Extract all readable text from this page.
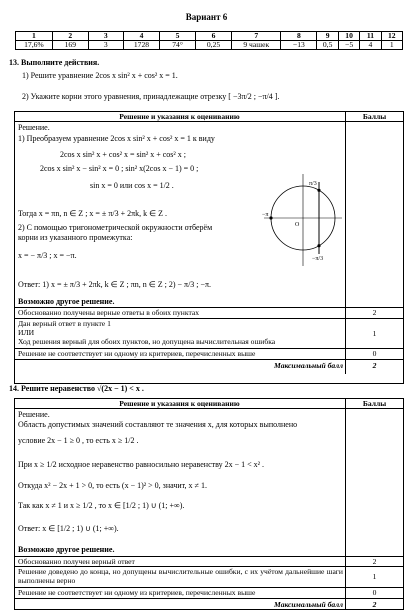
Вариант 6
1	2	3	4	5	6	7	8	9	10	11	12
17,6%	169	3	1728	74°	0,25	9 чашек	−13	0,5	−5	4	1
13. Выполните действия.
1) Решите уравнение 2cos x sin² x + cos² x = 1.
2) Укажите корни этого уравнения, принадлежащие отрезку [ −3π/2 ; −π/4 ].
Решение и указания к оцениванию	Баллы
Решение.
1) Преобразуем уравнение 2cos x sin² x + cos² x = 1 к виду
2cos x sin² x + cos² x = sin² x + cos² x ;
2cos x sin² x − sin² x = 0 ; sin² x(2cos x − 1) = 0 ;
sin x = 0 или cos x = 1/2 .
Тогда x = πn, n ∈ Z ; x = ± π/3 + 2πk, k ∈ Z .
2) С помощью тригонометрической окружности отберём
корни из указанного промежутка:
x = − π/3 ; x = −π.
Ответ: 1) x = ± π/3 + 2πk, k ∈ Z ; πn, n ∈ Z ; 2) − π/3 ; −π.
π/3
−π
−π/3
O
Возможно другое решение.
Обоснованно получены верные ответы в обоих пунктах	2
Дан верный ответ в пункте 1
ИЛИ
Ход решения верный для обоих пунктов, но допущена вычислительная ошибка
1
Решение не соответствует ни одному из критериев, перечисленных выше	0
Максимальный балл	2
14. Решите неравенство √(2x − 1) < x .
Решение и указания к оцениванию	Баллы
Решение.
Область допустимых значений составляют те значения x, для которых выполнено
условие 2x − 1 ≥ 0 , то есть x ≥ 1/2 .
При x ≥ 1/2 исходное неравенство равносильно неравенству 2x − 1 < x² .
Откуда x² − 2x + 1 > 0, то есть (x − 1)² > 0, значит, x ≠ 1.
Так как x ≠ 1 и x ≥ 1/2 , то x ∈ [1/2 ; 1) ∪ (1; +∞).
Ответ: x ∈ [1/2 ; 1) ∪ (1; +∞).
Возможно другое решение.
Обоснованно получен верный ответ	2
Решение доведено до конца, но допущены вычислительные ошибки, с их учётом дальнейшие шаги выполнены верно	1
Решение не соответствует ни одному из критериев, перечисленных выше	0
Максимальный балл	2
